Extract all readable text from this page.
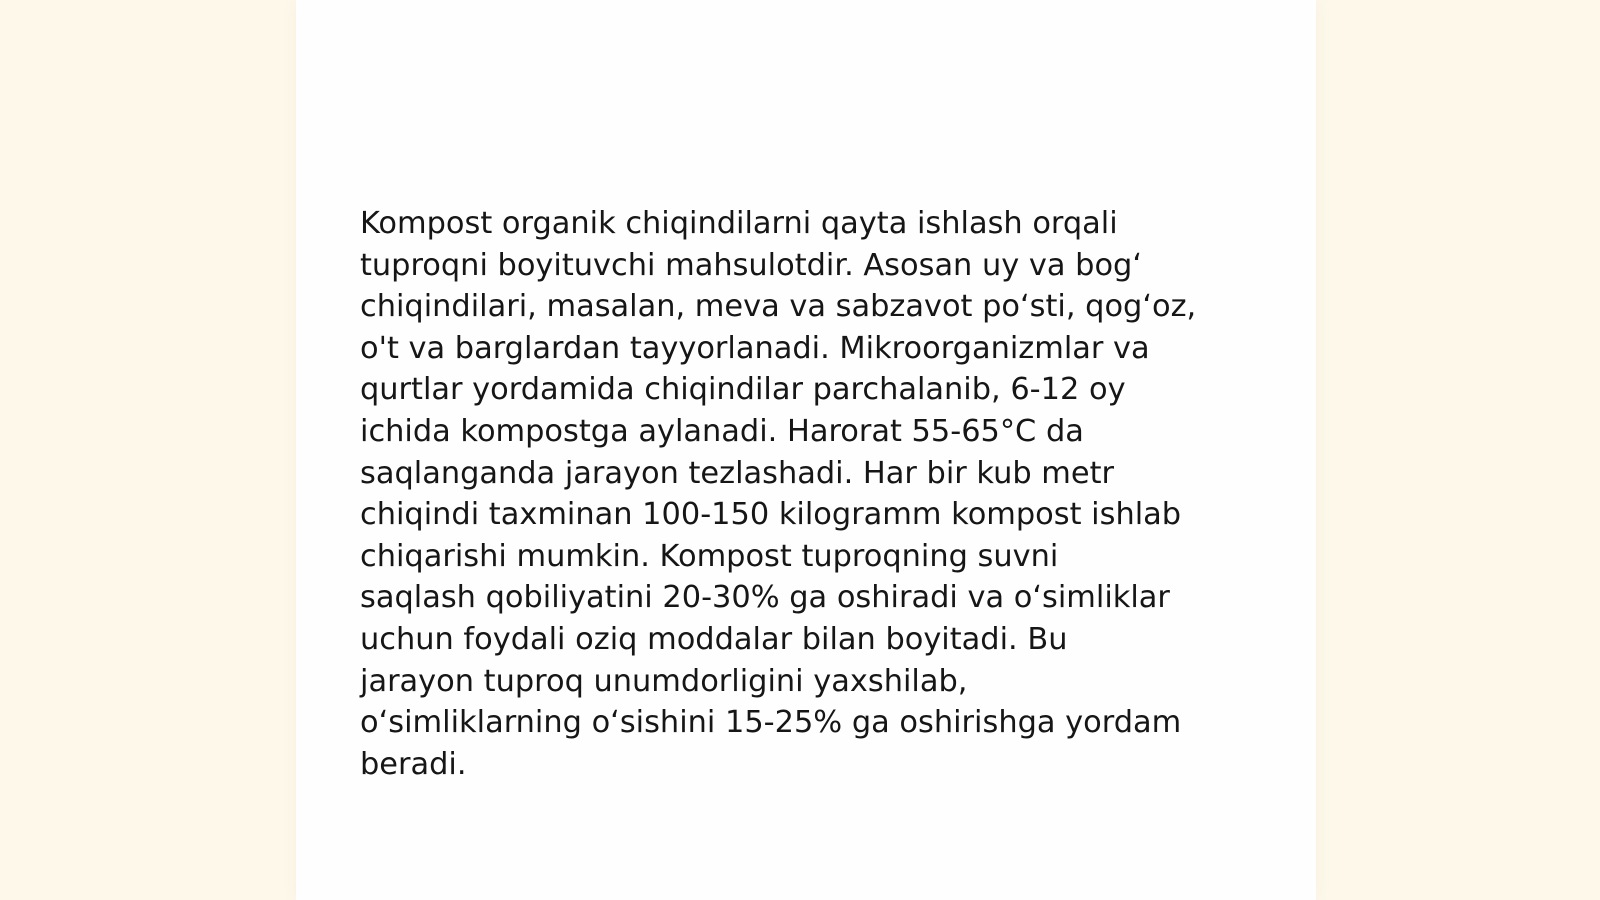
Kompost organik chiqindilarni qayta ishlash orqali
tuproqni boyituvchi mahsulotdir. Asosan uy va bog‘
chiqindilari, masalan, meva va sabzavot po‘sti, qog‘oz,
o't va barglardan tayyorlanadi. Mikroorganizmlar va
qurtlar yordamida chiqindilar parchalanib, 6-12 oy
ichida kompostga aylanadi. Harorat 55-65°C da
saqlanganda jarayon tezlashadi. Har bir kub metr
chiqindi taxminan 100-150 kilogramm kompost ishlab
chiqarishi mumkin. Kompost tuproqning suvni
saqlash qobiliyatini 20-30% ga oshiradi va o‘simliklar
uchun foydali oziq moddalar bilan boyitadi. Bu
jarayon tuproq unumdorligini yaxshilab,
o‘simliklarning o‘sishini 15-25% ga oshirishga yordam
beradi.
